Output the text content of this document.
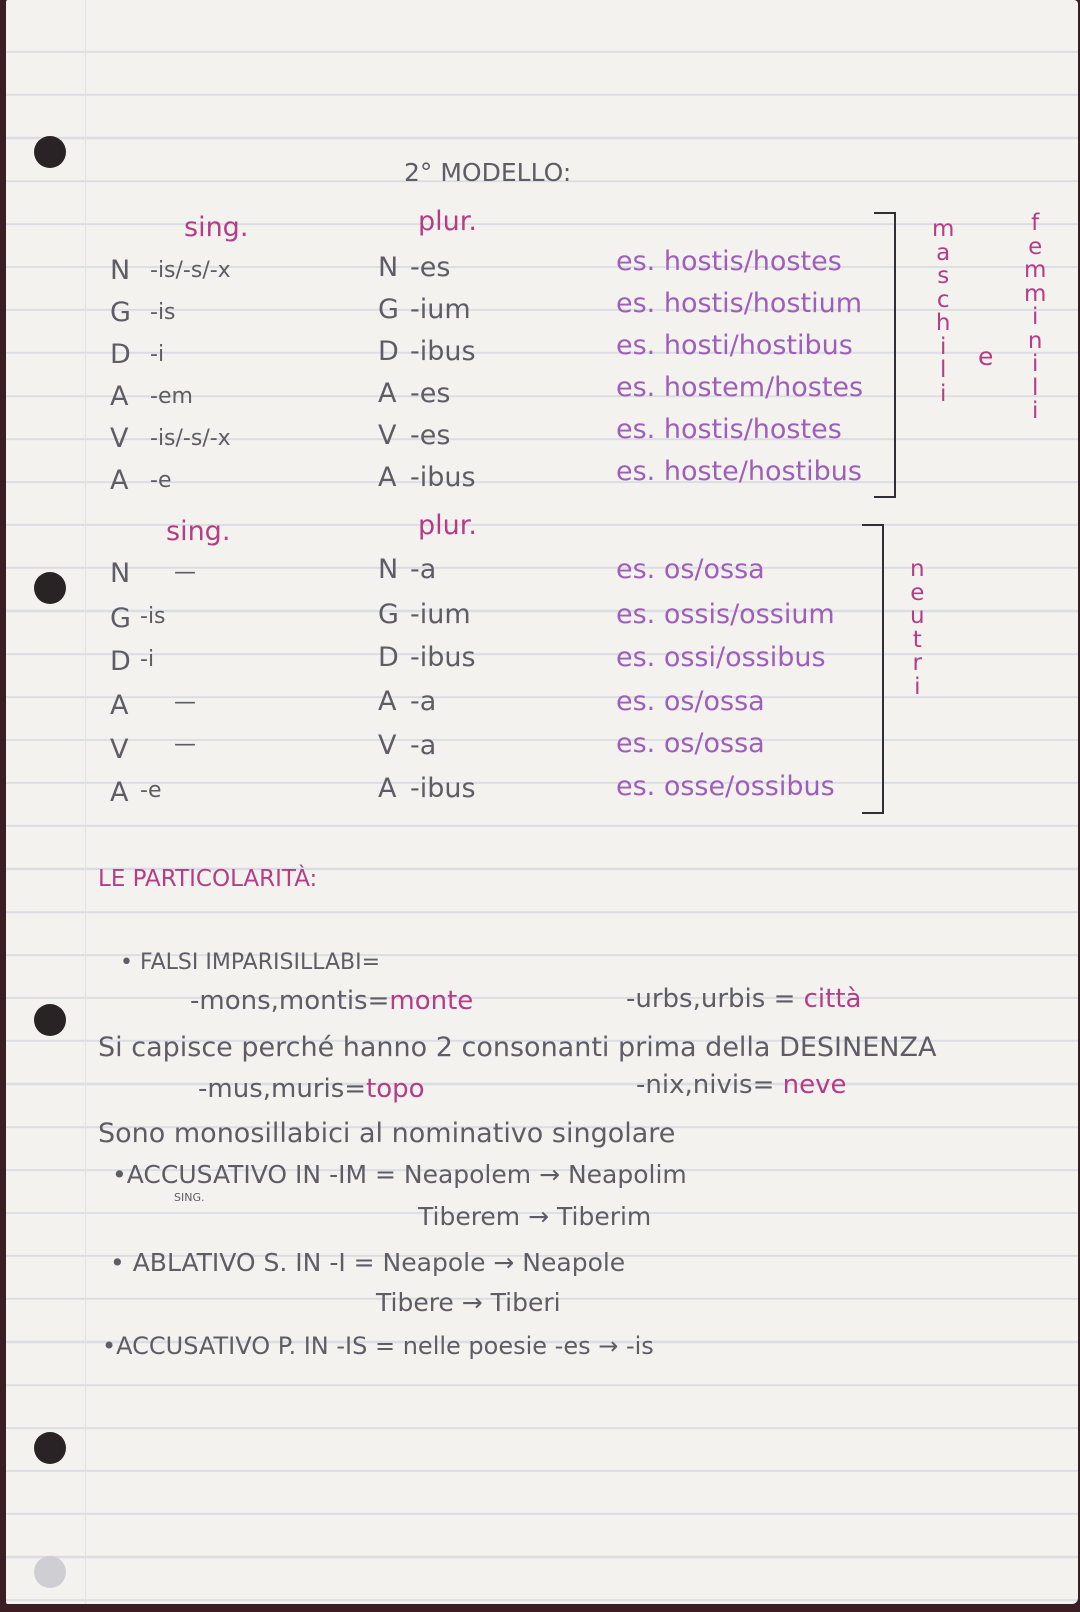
2° MODELLO:
sing.	plur.
N -is/-s/-x	N -es	es. hostis/hostes
G -is	G -ium	es. hostis/hostium
D -i	D -ibus	es. hosti/hostibus
A -em	A -es	es. hostem/hostes
V -is/-s/-x	V -es	es. hostis/hostes
A -e	A -ibus	es. hoste/hostibus
m
a
s
c
h
i
l
i
e
f
e
m
m
i
n
i
l
i
sing.	plur.
N —	N -a	es. os/ossa
G -is	G -ium	es. ossis/ossium
D -i	D -ibus	es. ossi/ossibus
A —	A -a	es. os/ossa
V —	V -a	es. os/ossa
A -e	A -ibus	es. osse/ossibus
n
e
u
t
r
i
LE PARTICOLARITÀ:
• FALSI IMPARISILLABI=
-mons,montis=monte	-urbs,urbis = città
Si capisce perché hanno 2 consonanti prima della DESINENZA
-mus,muris=topo	-nix,nivis= neve
Sono monosillabici al nominativo singolare
•ACCUSATIVO IN -IM = Neapolem → Neapolim
SING.
Tiberem → Tiberim
• ABLATIVO S. IN -I = Neapole → Neapole
Tibere → Tiberi
•ACCUSATIVO P. IN -IS = nelle poesie -es → -is
